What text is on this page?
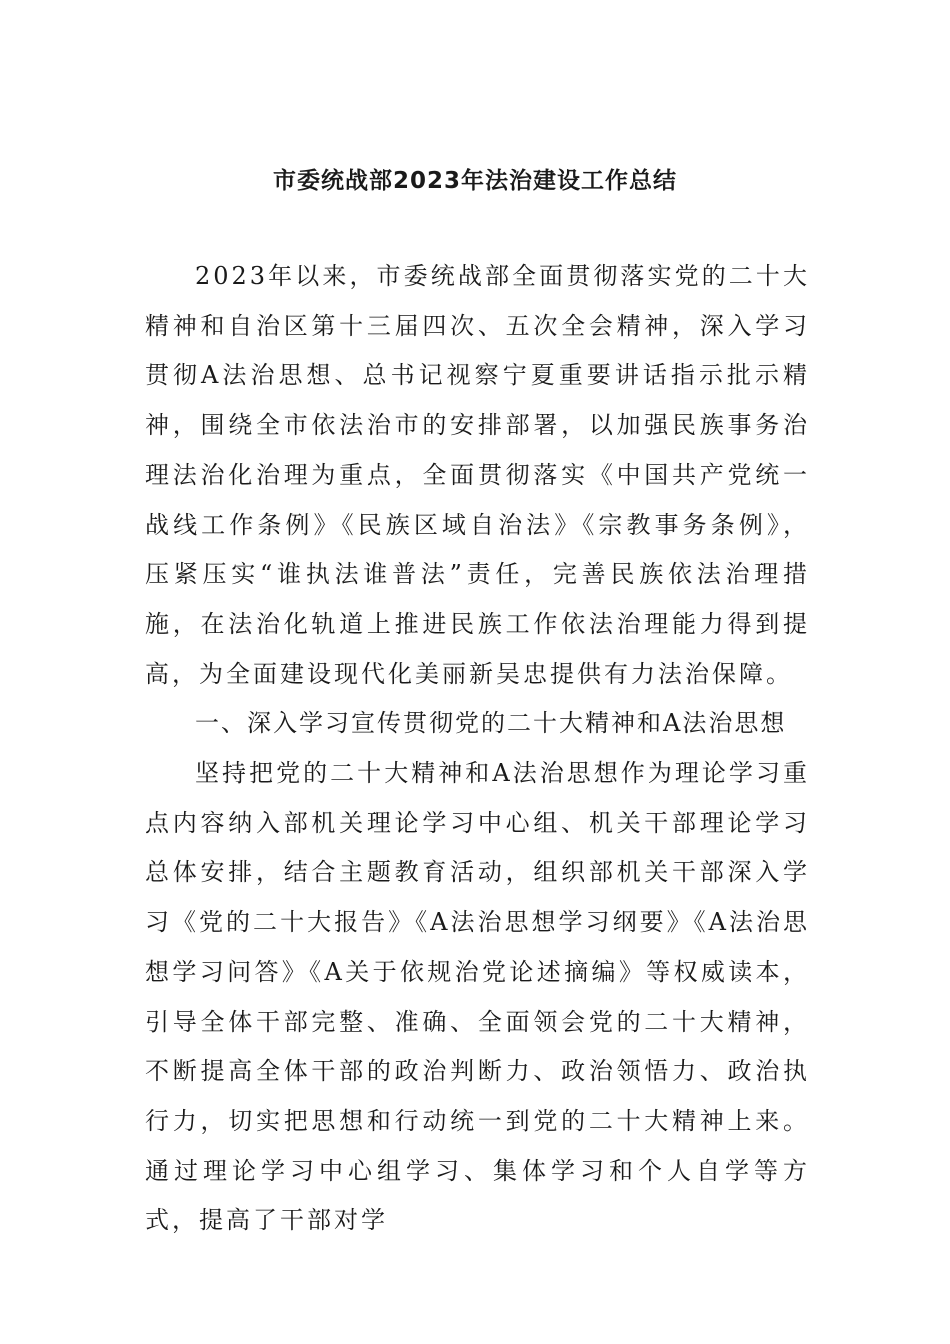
市委统战部2023年法治建设工作总结

2023年以来，市委统战部全面贯彻落实党的二十大精神和自治区第十三届四次、五次全会精神，深入学习贯彻A法治思想、总书记视察宁夏重要讲话指示批示精神，围绕全市依法治市的安排部署，以加强民族事务治理法治化治理为重点，全面贯彻落实《中国共产党统一战线工作条例》《民族区域自治法》《宗教事务条例》，压紧压实“谁执法谁普法”责任，完善民族依法治理措施，在法治化轨道上推进民族工作依法治理能力得到提高，为全面建设现代化美丽新吴忠提供有力法治保障。

一、深入学习宣传贯彻党的二十大精神和A法治思想

坚持把党的二十大精神和A法治思想作为理论学习重点内容纳入部机关理论学习中心组、机关干部理论学习总体安排，结合主题教育活动，组织部机关干部深入学习《党的二十大报告》《A法治思想学习纲要》《A法治思想学习问答》《A关于依规治党论述摘编》等权威读本，引导全体干部完整、准确、全面领会党的二十大精神，不断提高全体干部的政治判断力、政治领悟力、政治执行力，切实把思想和行动统一到党的二十大精神上来。通过理论学习中心组学习、集体学习和个人自学等方式，提高了干部对学
